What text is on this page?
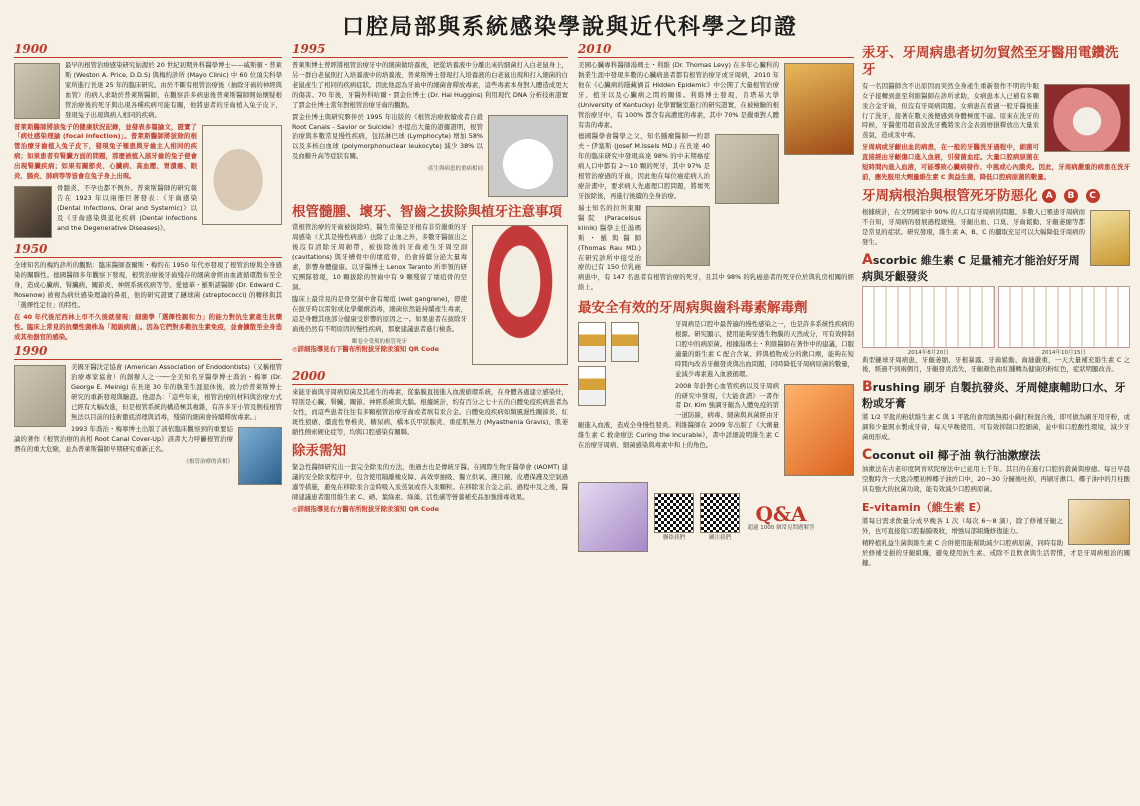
口腔局部與系統感染學說與近代科學之印證
1900
最早的根管治療感染研究始源於 20 世紀初期外科醫學博士——威斯頓・普萊斯 (Weston A. Price, D.D.S) 與梅約診所 (Mayo Clinic) 中 60 位頂尖科學家所進行長達 25 年的臨床研究。由於不斷有根管治療後（抽除牙齒的神經與血管）的病人求助於普萊斯醫師，在觀察許多病患後普萊斯醫師開始懷疑根管治療後的死牙與出現各種疾病可能有關，他將患者的牙齒植入兔子皮下，發現兔子出現與病人相同的疾病。
普萊斯醫師將該兔子的健康狀況記錄，並發表多篇論文，證實了「病灶感染理論 (focal infection)」。普萊斯醫師將拔除的根管治療牙齒植入兔子皮下，發現兔子罹患與牙齒主人相同的疾病；如果患者有腎臟方面的問題，那麼被植入該牙齒的兔子便會出現腎臟疾病；如果有關節炎、心臟病、高血壓、胃潰瘍、眼炎、腸炎、肺病等等皆會在兔子身上出現。
骨髓炎、不孕也都不例外。普萊斯醫師的研究報告在 1923 年以兩冊巨著發表：《牙齒感染 (Dental Infections, Oral and Systemic)》以及《牙齒感染與退化疾病 (Dental Infections and the Degenerative Diseases)》。
1950
全球知名的梅約診所的觀點：臨床醫師查爾斯・梅約在 1950 年代亦發現了根管治療與全身感染的關聯性。德國醫師多年觀察下發現，根管治療後牙齒殘存的細菌會經由血液循環散布至全身，造成心臟病、腎臟病、關節炎、神經系統疾病等等。愛德華・羅斯諾醫師 (Dr. Edward C. Rosenow) 被視為病灶感染理論的鼻祖，他的研究證實了鏈球菌 (streptococci) 的轉移與其「選擇性定位」的特性。
在 40 年代後尼西林上市不久後就發現：細菌學「選擇性親和力」的能力對抗生素產生抗藥性。臨床上常見的抗藥性菌株為「超級病菌」。因為它們對多數抗生素免疫，並會擴散至全身造成其他器官的感染。
1990
美國牙醫決定協會 (American Association of Endodontists)（又稱根管治療專家協會）的創辦人之一──全美知名牙醫學博士喬治・梅寧 (Dr. George E. Meinig) 在長達 30 年的執業生涯退休後，致力於普萊斯博士研究的重新發現與驗證。他認為：「這些年來，根管治療的材料與治療方式已經有大幅改進，但是根管系統的構造極其複雜，有許多牙小管及側枝根管無法以目前的技術徹底清理與消毒，殘留的細菌會持續釋放毒素。」
1993 年喬治・梅寧博士出版了該依臨床觀察到的重要結論的著作《根管治療的真相 Root Canal Cover-Up》該書大力呼籲根管治療潛在的重大危險，並為普萊斯醫師早期研究重新正名。
《根管治療的真相》
1995
普萊斯博士曾經將根管治療牙中的細菌做培養後，把從培養液中分離出來的細菌打入白老鼠身上，另一群白老鼠則打入培養液中的培養液，普萊斯博士發現打入培養液的白老鼠出現和打入細菌的白老鼠產生了相同的疾病症狀。因此他認為牙齒中的細菌會釋放毒素，這些毒素本身對人體造成更大的傷害。70 年後，牙醫外科哈爾・賈金仕博士 (Dr. Hal Huggins) 利用現代 DNA 分析技術證實了賈金仕博士當年對根管治療牙齒的觀點。
賈金仕博士與研究夥伴於 1995 年出版的《根管治療救贖或者自殺 Root Canals - Savior or Suicide》亦提出大量的證據證明，根管治療與多數常見慢性疾病，包括淋巴球 (Lymphocyte) 增加 58% 以及多核白血球 (polymorphonuclear leukocyte) 減少 38% 以及血糖升高等症狀有關。
產生與病患的重病相同
根管髓腫、壞牙、智齒之拔除與植牙注意事項
當根管治療的牙齒被拔除時，醫生常僅是牙根有非常嚴重的牙周感染（尤其是慢性病患）也除了止血之外，多數牙醫拔出之後沒有清除牙周韌帶，被拔除後的牙齒產生牙周空洞 (cavitations) 與牙槽骨中的壞疽骨，仍會持續分泌大量毒素，影響身體健康。以牙醫博士 Lenox Taranto 所率領的研究團隊發現，10 顆拔除的智齒中有 9 顆殘留了壞疽骨的空洞。
臨床上最常見的是骨空洞中會有壞疽 (wet gangrene)，即使在拔牙時以雷射或化學藥劑消毒，細菌依然能持續產生毒素，這是身體其他部分健康受影響的原因之一。如果患者在拔除牙齒後仍然有不明原因的慢性疾病，那麼建議患者進行檢查。
斷卷全受現的根管死牙
◎詳細指導見右下醫布所附拔牙除汞須知 QR Code
2000
來能牙齒與牙周病原菌及其產生的毒素，從黏膜直接進入血液循環系統，在身體各處建立感染灶，特別是心臟、腎臟、關節、神經系統與大腦。根據統計，約有百分之七十五的自體免疫疾病患者為女性，而這些患者往往有多顆根管治療牙齒或者填有汞合金。自體免疫疾病如類風濕性關節炎、紅斑性狼瘡、僵直性脊椎炎、糖尿病、橋本氏甲狀腺炎、重症肌無力 (Myasthenia Gravis)、肌萎縮性側索硬化症等，均與口腔感染有關聯。
除汞需知
緊急性醫師研究出一套完全除汞的方法，他過去也是傳統牙醫。在國際生物牙醫學會 (IAOMT) 建議的安全除汞程序中，包含使用隔離橡皮障、高效率抽吸、獨立供氧、護目鏡、皮膚保護及空氣過濾等措施，避免在移除汞合金時吸入汞蒸氣或吞入汞顆粒。在移除汞合金之前、過程中及之後，醫師建議患者服用維生素 C、硒、葉綠素、綠藻、活性碳等營養補充品加強排毒效果。
◎詳細指導見右方醫布所附拔牙除汞須知 QR Code
2010
美國心臟專科醫師湯瑪士・利維 (Dr. Thomas Levy) 在多年心臟科的執業生涯中發現多數的心臟病患者都有根管治療牙或牙周病，2010 年他在《心臟病的隱藏禍首 Hidden Epidemic》中公開了大量根管治療牙、植牙以及心臟病之間的關係。利維博士發現，肯塔基大學 (University of Kentucky) 化學實驗室進行的研究證實，在被檢驗的根管治療牙中，有 100% 都含有高濃度的毒素，其中 70% 是嚴重對人體有害的毒素。
德國醫學會醫學之父、知名腫瘤醫師──約瑟夫・伊塞斯 (Josef M.Issels MD.) 在長達 40 年的臨床研究中發現高達 98% 的中末期癌症病人口中都有 2～10 顆的死牙，其中 97% 是根管治療過的牙齒，因此他在每位癌症病人治療計畫中，要求病人先處理口腔問題，將壞死牙拔除後，再進行後續的全身治療。
瑞士知名的拉坦東爾醫院 (Paracelsus klinik) 醫學主任湯瑪斯・羅與醫師 (Thomas Rau MD.) 在研究診所中接受治療的已有 150 位乳癌病患中，有 147 名患者有根管治療的死牙，且其中 98% 的乳癌患者的死牙位於與乳房相關的經絡上。
最安全有效的牙周病與齒科毒素解毒劑

牙周病是口腔中最普遍的慢性感染之一，也是許多系統性疾病的根源。研究顯示，使用能夠穿透生物膜的天然成分，可有效抑制口腔中的病原菌。根據湯瑪士・利維醫師在著作中的建議，口服適量的維生素 C 配合含氧、鋅與植物成分的漱口劑，能夠在短時間內改善牙齦發炎與出血問題，同時降低牙周病原菌的數量，並減少毒素進入血液循環。
2008 年針對心血管疾病以及牙周病的研究中發現，《大能食譜》一書作者 Dr. Kim 強調牙齦為人體免疫的第一道防線，病毒、細菌與真菌經由牙齦進入血液，造成全身慢性發炎。利維醫師在 2009 年出版了《大劑量維生素 C 救命療法 Curing the Incurable》，書中詳細說明維生素 C 在治療牙周病、細菌感染與毒素中和上的角色。
聯絡我們	關注我們
Q&A
超過 1000 個常見問題解答
汞牙、牙周病患者切勿貿然至牙醫用電鑽洗牙
有一名因醫師含不出原因而突然全身產生重新發作不明的牛眼女子接轉到患至利維醫師在診所求助，女病患本人已補有多顆汞合金牙齒，但沒有牙周病問題。女病患在看過一般牙醫後進行了洗牙，接著在數天後便感到身體極度不適。原來在洗牙的時候，牙醫使用超音波洗牙機將汞合金表面磨損釋放出大量汞蒸氣，造成汞中毒。
牙周病或牙齦出血的病患，在一般的牙醫洗牙過程中，細菌可直接經由牙齦傷口進入血液，引發菌血症。大量口腔病原菌在短時間內進入血液，可能導致心臟病發作、中風或心內膜炎。因此，牙周病嚴重的病患在洗牙前，應先服用大劑量維生素 C 與益生菌，降低口腔病原菌的數量。
牙周病根治與根管死牙防惡化 A B C
根據統計，在文明國家中 90% 的人口有牙周病的問題。多數人已罹患牙周病而不自知，牙周病的發展過程緩慢，牙齦出血、口臭、牙齒鬆動、牙齦萎縮等都是常見的症狀。研究發現，維生素 A、B、C 的攝取充足可以大幅降低牙周病的發生。
Ascorbic 維生素 C 足量補充才能治好牙周病與牙齦發炎
2014年8月20日	2014年10月15日
典型鏈球牙周病患，牙齦萎縮、牙根暴露、牙齒鬆動、齒縫嚴重，一天大量補充維生素 C 之後，經過不到兩個月，牙齦發炎消失，牙齦顏色由紅腫轉為健康的粉紅色，症狀明顯改善。
Brushing 刷牙 自製抗發炎、牙周健康輔助口水、牙粉或牙膏
將 1/2 平匙的粉狀維生素 C 與 1 平匙的食用級無鋁小蘇打粉混合後，即可做為刷牙用牙粉，或調和少量開水製成牙膏，每天早晚使用，可有效抑制口腔細菌，並中和口腔酸性環境，減少牙菌斑形成。
Coconut oil 椰子油 執行油漱療法
油漱法在古老印度阿育吠陀療法中已延用上千年。其目的在進行口腔的殺菌與療癒。每日早晨空腹時含一大匙冷壓初榨椰子油於口中，20～30 分鐘後吐掉，再刷牙漱口。椰子油中的月桂酸具有強大的抗菌功效，能有效減少口腔病原菌。
E-vitamin（維生素 E）
將每日需求飲量分成早晚各 1 次（每次 6～8 滴），除了修補牙齦之外，也可直接從口腔黏膜吸收，增強局部組織修復能力。
精粹植乳益生菌與維生素 C 合併使用能幫助減少口腔病原菌，同時有助於修補受損的牙齦組織，避免使用抗生素、戒除不良飲食與生活習慣，才是牙周病根治的關鍵。
